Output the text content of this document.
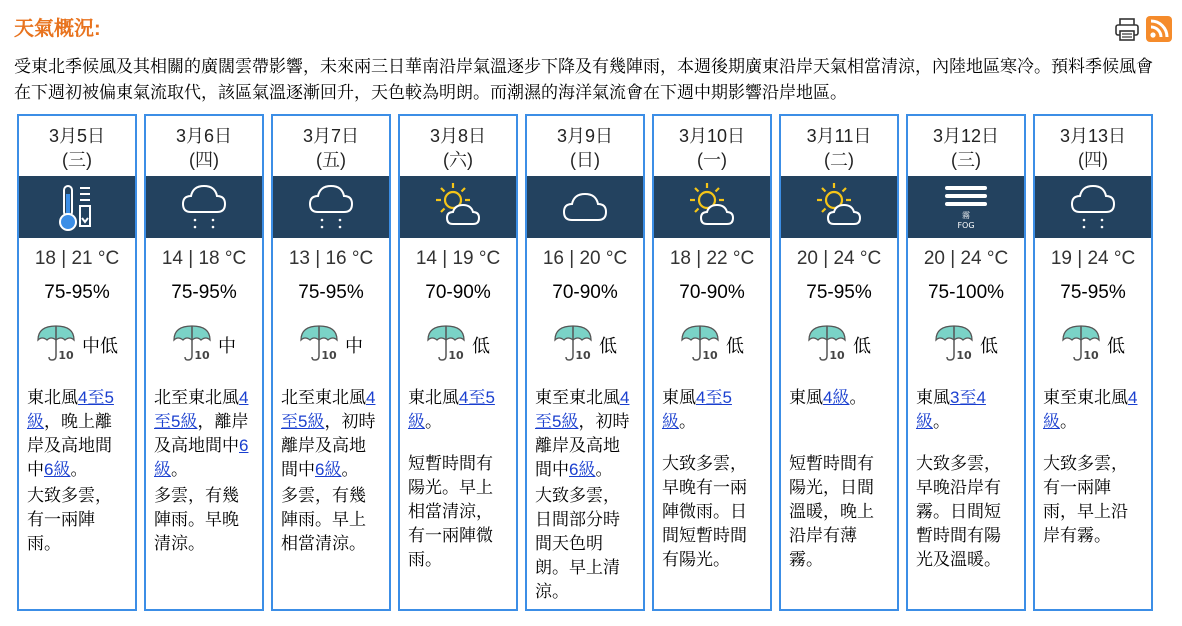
天氣概況:
受東北季候風及其相關的廣闊雲帶影響，未來兩三日華南沿岸氣溫逐步下降及有幾陣雨，本週後期廣東沿岸天氣相當清涼，內陸地區寒冷。預料季候風會在下週初被偏東氣流取代，該區氣溫逐漸回升，天色較為明朗。而潮濕的海洋氣流會在下週中期影響沿岸地區。
3月5日
(三)
18 | 21 °C
75-95%
10 中低
東北風4至5級，晚上離岸及高地間中6級。
大致多雲，有一兩陣雨。
3月6日
(四)
14 | 18 °C
75-95%
10 中
北至東北風4至5級，離岸及高地間中6級。
多雲，有幾陣雨。早晚清涼。
3月7日
(五)
13 | 16 °C
75-95%
10 中
北至東北風4至5級，初時離岸及高地間中6級。
多雲，有幾陣雨。早上相當清涼。
3月8日
(六)
14 | 19 °C
70-90%
10 低
東北風4至5級。
短暫時間有陽光。早上相當清涼，有一兩陣微雨。
3月9日
(日)
16 | 20 °C
70-90%
10 低
東至東北風4至5級，初時離岸及高地間中6級。
大致多雲，日間部分時間天色明朗。早上清涼。
3月10日
(一)
18 | 22 °C
70-90%
10 低
東風4至5級。
大致多雲，早晚有一兩陣微雨。日間短暫時間有陽光。
3月11日
(二)
20 | 24 °C
75-95%
10 低
東風4級。
短暫時間有陽光，日間溫暖，晚上沿岸有薄霧。
3月12日
(三)
霧
FOG
20 | 24 °C
75-100%
10 低
東風3至4級。
大致多雲，早晚沿岸有霧。日間短暫時間有陽光及溫暖。
3月13日
(四)
19 | 24 °C
75-95%
10 低
東至東北風4級。
大致多雲，有一兩陣雨，早上沿岸有霧。
